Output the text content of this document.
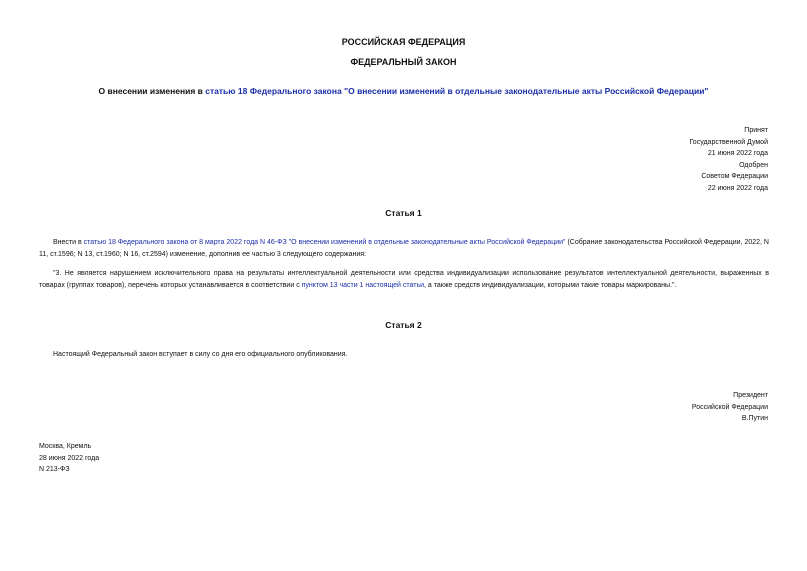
РОССИЙСКАЯ ФЕДЕРАЦИЯ
ФЕДЕРАЛЬНЫЙ ЗАКОН
О внесении изменения в статью 18 Федерального закона "О внесении изменений в отдельные законодательные акты Российской Федерации"
Принят
Государственной Думой
21 июня 2022 года
Одобрен
Советом Федерации
22 июня 2022 года
Статья 1
Внести в статью 18 Федерального закона от 8 марта 2022 года N 46-ФЗ "О внесении изменений в отдельные законодательные акты Российской Федерации" (Собрание законодательства Российской Федерации, 2022, N 11, ст.1596; N 13, ст.1960; N 16, ст.2594) изменение, дополнив ее частью 3 следующего содержания:
"3. Не является нарушением исключительного права на результаты интеллектуальной деятельности или средства индивидуализации использование результатов интеллектуальной деятельности, выраженных в товарах (группах товаров), перечень которых устанавливается в соответствии с пунктом 13 части 1 настоящей статьи, а также средств индивидуализации, которыми такие товары маркированы.".
Статья 2
Настоящий Федеральный закон вступает в силу со дня его официального опубликования.
Президент
Российской Федерации
В.Путин
Москва, Кремль
28 июня 2022 года
N 213-ФЗ
